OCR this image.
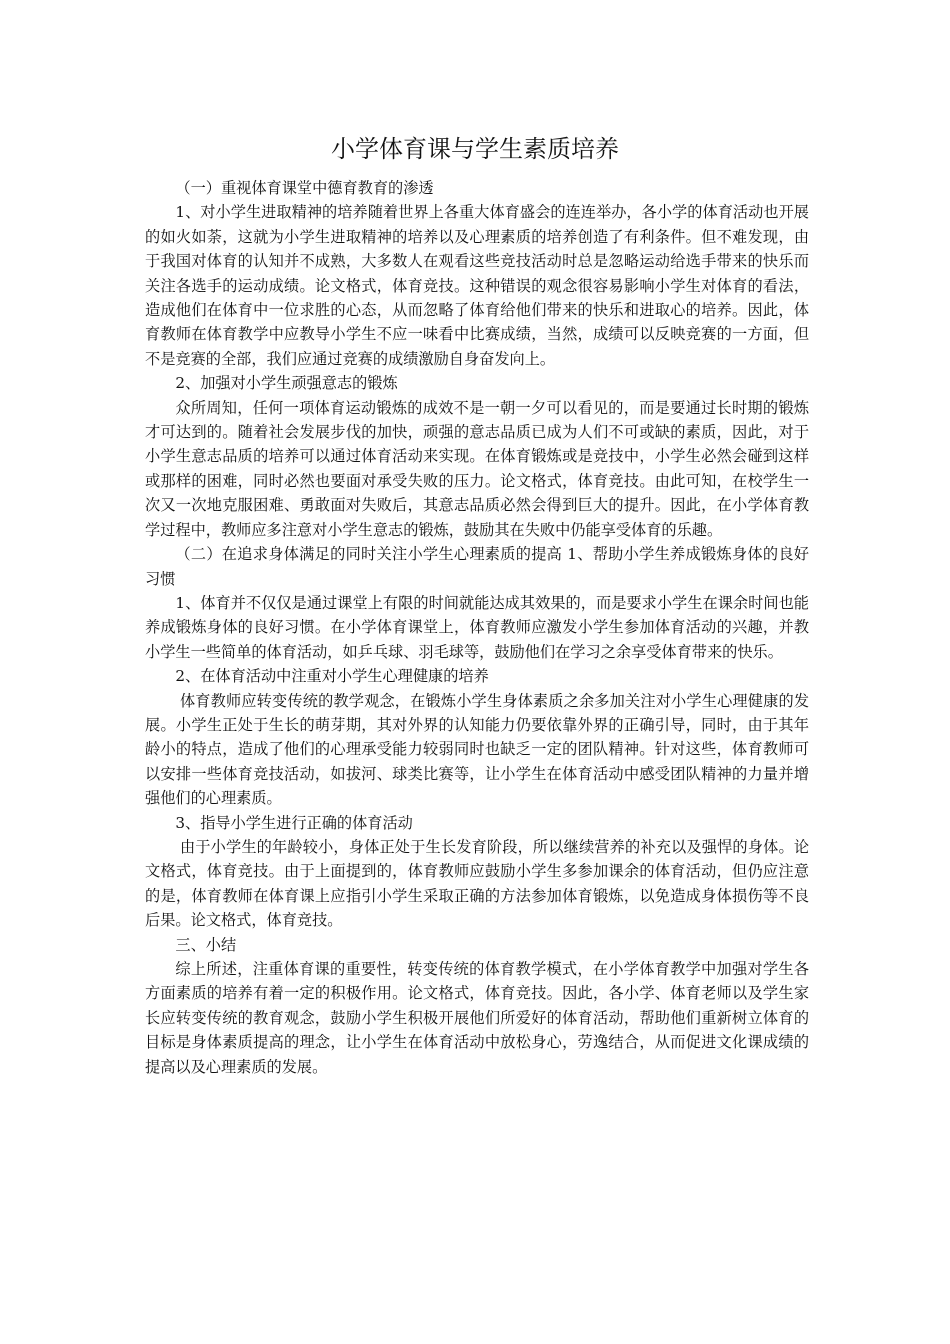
小学体育课与学生素质培养

（一）重视体育课堂中德育教育的渗透

1、对小学生进取精神的培养随着世界上各重大体育盛会的连连举办，各小学的体育活动也开展的如火如荼，这就为小学生进取精神的培养以及心理素质的培养创造了有利条件。但不难发现，由于我国对体育的认知并不成熟，大多数人在观看这些竞技活动时总是忽略运动给选手带来的快乐而关注各选手的运动成绩。论文格式，体育竞技。这种错误的观念很容易影响小学生对体育的看法，造成他们在体育中一位求胜的心态，从而忽略了体育给他们带来的快乐和进取心的培养。因此，体育教师在体育教学中应教导小学生不应一味看中比赛成绩，当然，成绩可以反映竞赛的一方面，但不是竞赛的全部，我们应通过竞赛的成绩激励自身奋发向上。

2、加强对小学生顽强意志的锻炼

众所周知，任何一项体育运动锻炼的成效不是一朝一夕可以看见的，而是要通过长时期的锻炼才可达到的。随着社会发展步伐的加快，顽强的意志品质已成为人们不可或缺的素质，因此，对于小学生意志品质的培养可以通过体育活动来实现。在体育锻炼或是竞技中，小学生必然会碰到这样或那样的困难，同时必然也要面对承受失败的压力。论文格式，体育竞技。由此可知，在校学生一次又一次地克服困难、勇敢面对失败后，其意志品质必然会得到巨大的提升。因此，在小学体育教学过程中，教师应多注意对小学生意志的锻炼，鼓励其在失败中仍能享受体育的乐趣。

（二）在追求身体满足的同时关注小学生心理素质的提高 1、帮助小学生养成锻炼身体的良好习惯

1、体育并不仅仅是通过课堂上有限的时间就能达成其效果的，而是要求小学生在课余时间也能养成锻炼身体的良好习惯。在小学体育课堂上，体育教师应激发小学生参加体育活动的兴趣，并教小学生一些简单的体育活动，如乒乓球、羽毛球等，鼓励他们在学习之余享受体育带来的快乐。

2、在体育活动中注重对小学生心理健康的培养

体育教师应转变传统的教学观念，在锻炼小学生身体素质之余多加关注对小学生心理健康的发展。小学生正处于生长的萌芽期，其对外界的认知能力仍要依靠外界的正确引导，同时，由于其年龄小的特点，造成了他们的心理承受能力较弱同时也缺乏一定的团队精神。针对这些，体育教师可以安排一些体育竞技活动，如拔河、球类比赛等，让小学生在体育活动中感受团队精神的力量并增强他们的心理素质。

3、指导小学生进行正确的体育活动

由于小学生的年龄较小，身体正处于生长发育阶段，所以继续营养的补充以及强悍的身体。论文格式，体育竞技。由于上面提到的，体育教师应鼓励小学生多参加课余的体育活动，但仍应注意的是，体育教师在体育课上应指引小学生采取正确的方法参加体育锻炼，以免造成身体损伤等不良后果。论文格式，体育竞技。

三、小结

综上所述，注重体育课的重要性，转变传统的体育教学模式，在小学体育教学中加强对学生各方面素质的培养有着一定的积极作用。论文格式，体育竞技。因此，各小学、体育老师以及学生家长应转变传统的教育观念，鼓励小学生积极开展他们所爱好的体育活动，帮助他们重新树立体育的目标是身体素质提高的理念，让小学生在体育活动中放松身心，劳逸结合，从而促进文化课成绩的提高以及心理素质的发展。
